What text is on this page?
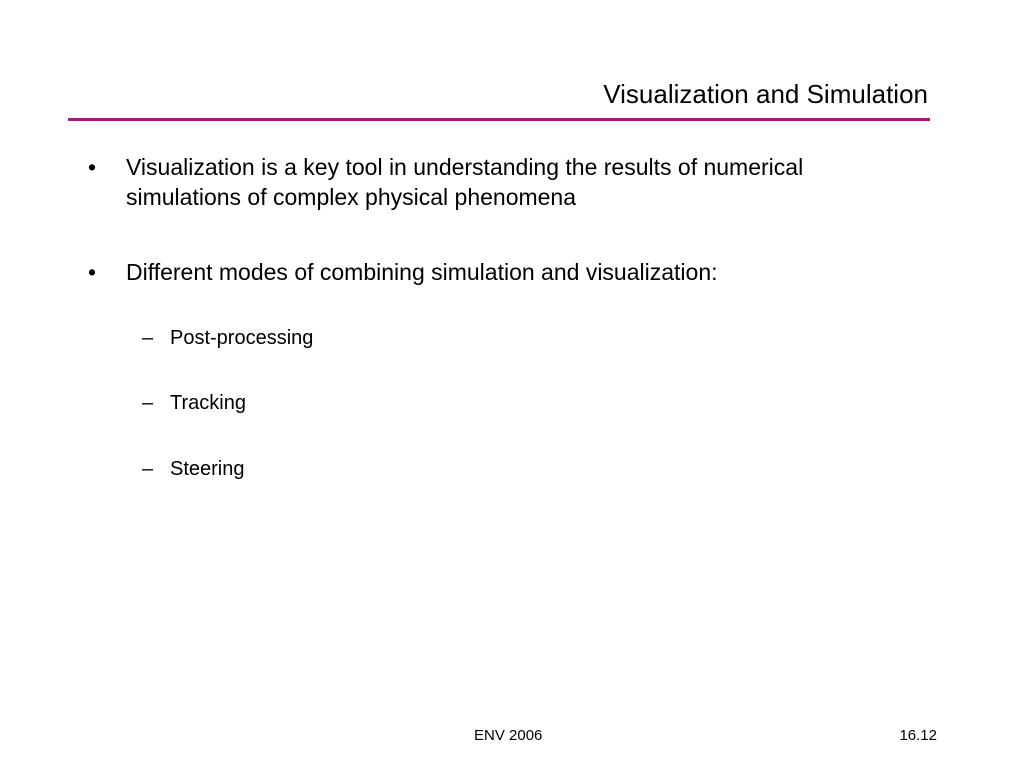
Visualization and Simulation
• Visualization is a key tool in understanding the results of numerical simulations of complex physical phenomena
• Different modes of combining simulation and visualization:
– Post-processing
– Tracking
– Steering
ENV 2006	16.12
